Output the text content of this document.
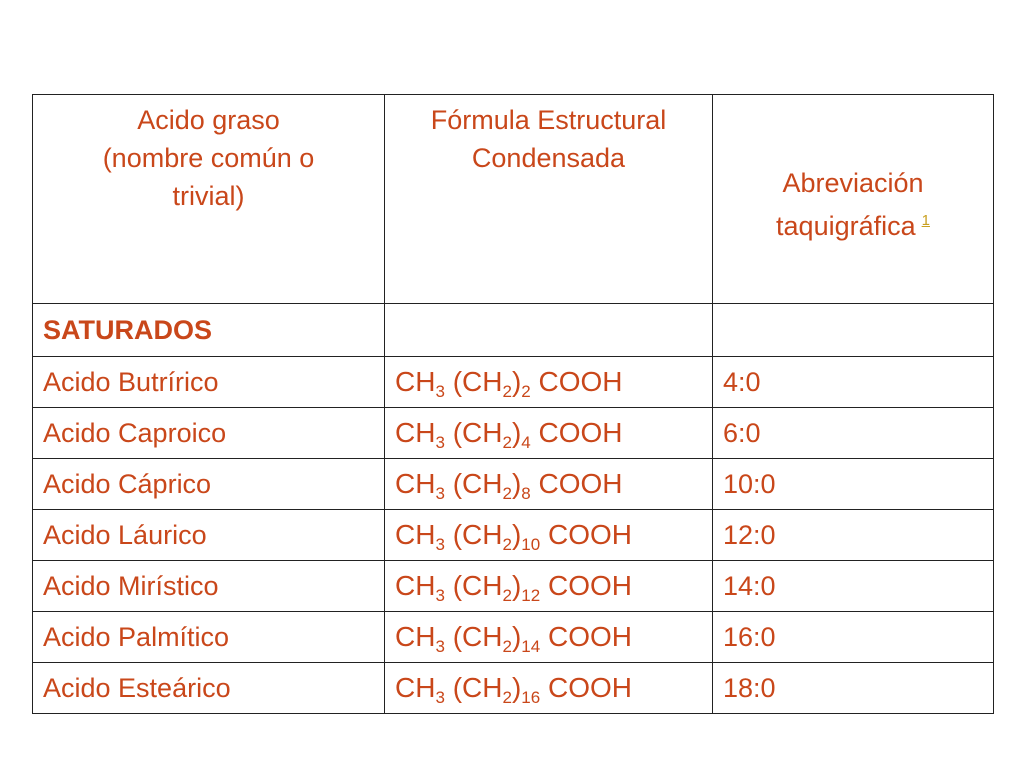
Acido graso
(nombre común o
trivial)	Fórmula Estructural
Condensada	Abreviación
taquigráfica $^1$
SATURADOS		
Acido Butrírico	$CH_3$ $(CH_2)_2$ COOH	4:0
Acido Caproico	$CH_3$ $(CH_2)_4$ COOH	6:0
Acido Cáprico	$CH_3$ $(CH_2)_8$ COOH	10:0
Acido Láurico	$CH_3$ $(CH_2)_{10}$ COOH	12:0
Acido Mirístico	$CH_3$ $(CH_2)_{12}$ COOH	14:0
Acido Palmítico	$CH_3$ $(CH_2)_{14}$ COOH	16:0
Acido Esteárico	$CH_3$ $(CH_2)_{16}$ COOH	18:0
